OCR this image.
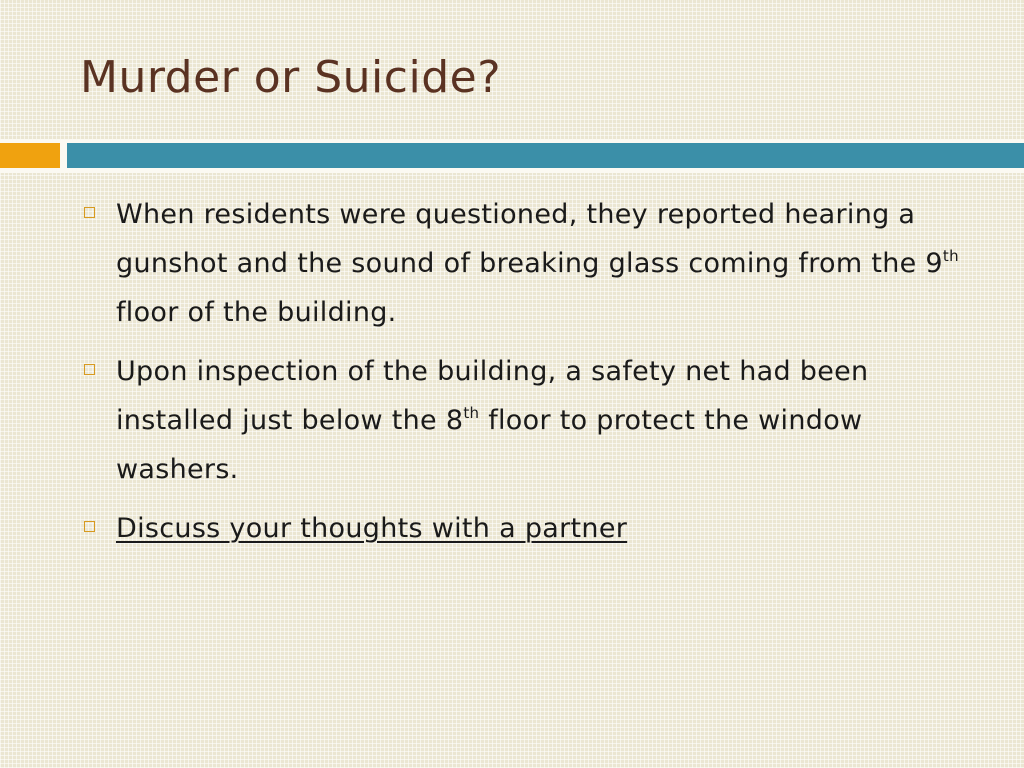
Murder or Suicide?
When residents were questioned, they reported hearing a gunshot and the sound of breaking glass coming from the 9th floor of the building.
Upon inspection of the building, a safety net had been installed just below the 8th floor to protect the window washers.
Discuss your thoughts with a partner
